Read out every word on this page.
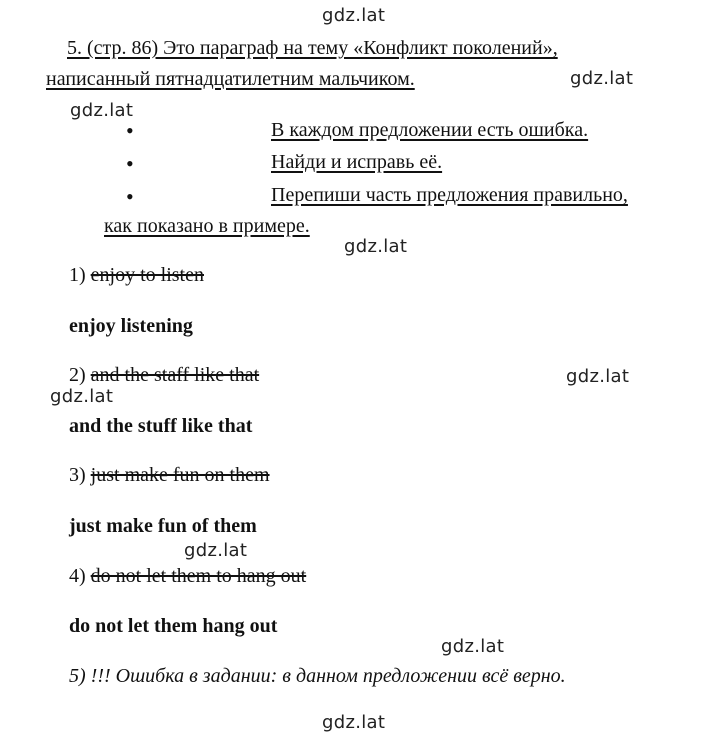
gdz.lat
gdz.lat
gdz.lat
gdz.lat
gdz.lat
gdz.lat
gdz.lat
gdz.lat
gdz.lat
5. (стр. 86) Это параграф на тему «Конфликт поколений»,
написанный пятнадцатилетним мальчиком.
•	В каждом предложении есть ошибка.
•	Найди и исправь её.
•	Перепиши часть предложения правильно,
как показано в примере.
1) enjoy to listen
enjoy listening
2) and the staff like that
and the stuff like that
3) just make fun on them
just make fun of them
4) do not let them to hang out
do not let them hang out
5) !!! Ошибка в задании: в данном предложении всё верно.
